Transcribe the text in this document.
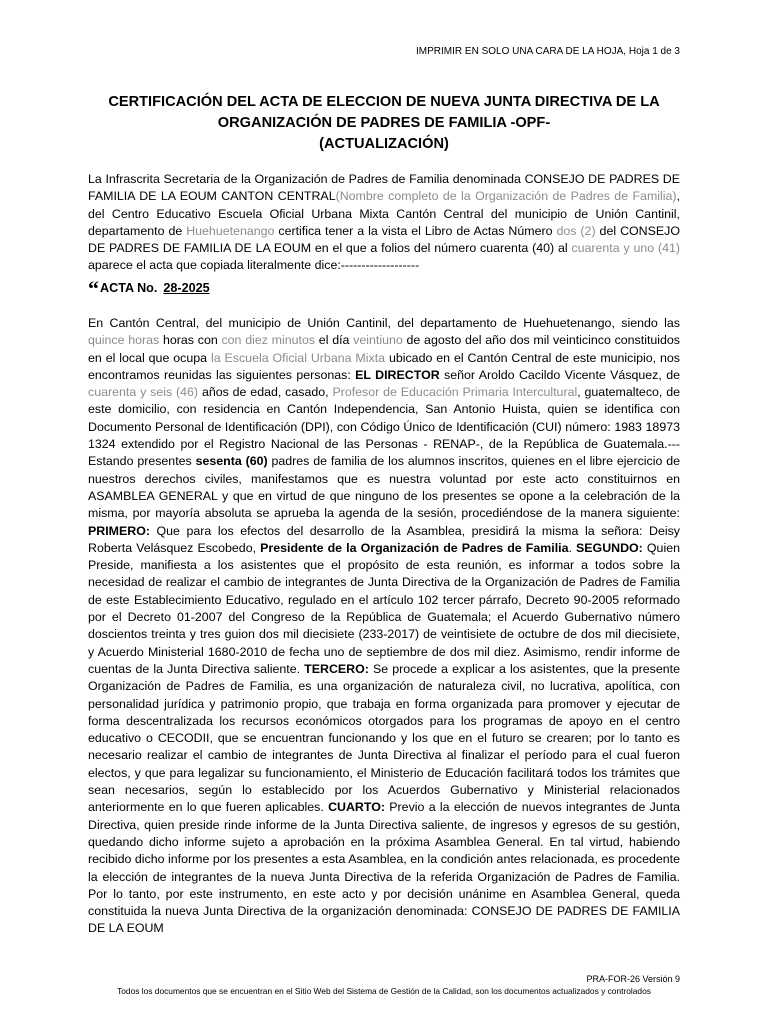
IMPRIMIR EN SOLO UNA CARA DE LA HOJA, Hoja 1 de 3
CERTIFICACIÓN DEL ACTA DE ELECCION DE NUEVA JUNTA DIRECTIVA DE LA
ORGANIZACIÓN DE PADRES DE FAMILIA -OPF-
(ACTUALIZACIÓN)
La Infrascrita Secretaria de la Organización de Padres de Familia denominada CONSEJO DE PADRES DE FAMILIA DE LA EOUM CANTON CENTRAL(Nombre completo de la Organización de Padres de Familia), del Centro Educativo Escuela Oficial Urbana Mixta Cantón Central del municipio de Unión Cantinil, departamento de Huehuetenango certifica tener a la vista el Libro de Actas Número dos (2) del CONSEJO DE PADRES DE FAMILIA DE LA EOUM en el que a folios del número cuarenta (40) al cuarenta y uno (41) aparece el acta que copiada literalmente dice:-------------------
“ACTA No. 28-2025
En Cantón Central, del municipio de Unión Cantinil, del departamento de Huehuetenango, siendo las quince horas horas con con diez minutos el día veintiuno de agosto del año dos mil veinticinco constituidos en el local que ocupa la Escuela Oficial Urbana Mixta ubicado en el Cantón Central de este municipio, nos encontramos reunidas las siguientes personas: EL DIRECTOR señor Aroldo Cacildo Vicente Vásquez, de cuarenta y seis (46) años de edad, casado, Profesor de Educación Primaria Intercultural, guatemalteco, de este domicilio, con residencia en Cantón Independencia, San Antonio Huista, quien se identifica con Documento Personal de Identificación (DPI), con Código Único de Identificación (CUI) número: 1983 18973 1324 extendido por el Registro Nacional de las Personas - RENAP-, de la República de Guatemala.--- Estando presentes sesenta (60) padres de familia de los alumnos inscritos, quienes en el libre ejercicio de nuestros derechos civiles, manifestamos que es nuestra voluntad por este acto constituirnos en ASAMBLEA GENERAL y que en virtud de que ninguno de los presentes se opone a la celebración de la misma, por mayoría absoluta se aprueba la agenda de la sesión, procediéndose de la manera siguiente: PRIMERO: Que para los efectos del desarrollo de la Asamblea, presidirá la misma la señora: Deisy Roberta Velásquez Escobedo, Presidente de la Organización de Padres de Familia. SEGUNDO: Quien Preside, manifiesta a los asistentes que el propósito de esta reunión, es informar a todos sobre la necesidad de realizar el cambio de integrantes de Junta Directiva de la Organización de Padres de Familia de este Establecimiento Educativo, regulado en el artículo 102 tercer párrafo, Decreto 90-2005 reformado por el Decreto 01-2007 del Congreso de la República de Guatemala; el Acuerdo Gubernativo número doscientos treinta y tres guion dos mil diecisiete (233-2017) de veintisiete de octubre de dos mil diecisiete, y Acuerdo Ministerial 1680-2010 de fecha uno de septiembre de dos mil diez. Asimismo, rendir informe de cuentas de la Junta Directiva saliente. TERCERO: Se procede a explicar a los asistentes, que la presente Organización de Padres de Familia, es una organización de naturaleza civil, no lucrativa, apolítica, con personalidad jurídica y patrimonio propio, que trabaja en forma organizada para promover y ejecutar de forma descentralizada los recursos económicos otorgados para los programas de apoyo en el centro educativo o CECODII, que se encuentran funcionando y los que en el futuro se crearen; por lo tanto es necesario realizar el cambio de integrantes de Junta Directiva al finalizar el período para el cual fueron electos, y que para legalizar su funcionamiento, el Ministerio de Educación facilitará todos los trámites que sean necesarios, según lo establecido por los Acuerdos Gubernativo y Ministerial relacionados anteriormente en lo que fueren aplicables. CUARTO: Previo a la elección de nuevos integrantes de Junta Directiva, quien preside rinde informe de la Junta Directiva saliente, de ingresos y egresos de su gestión, quedando dicho informe sujeto a aprobación en la próxima Asamblea General. En tal virtud, habiendo recibido dicho informe por los presentes a esta Asamblea, en la condición antes relacionada, es procedente la elección de integrantes de la nueva Junta Directiva de la referida Organización de Padres de Familia. Por lo tanto, por este instrumento, en este acto y por decisión unánime en Asamblea General, queda constituida la nueva Junta Directiva de la organización denominada: CONSEJO DE PADRES DE FAMILIA DE LA EOUM
PRA-FOR-26 Versión 9
Todos los documentos que se encuentran en el Sitio Web del Sistema de Gestión de la Calidad, son los documentos actualizados y controlados
